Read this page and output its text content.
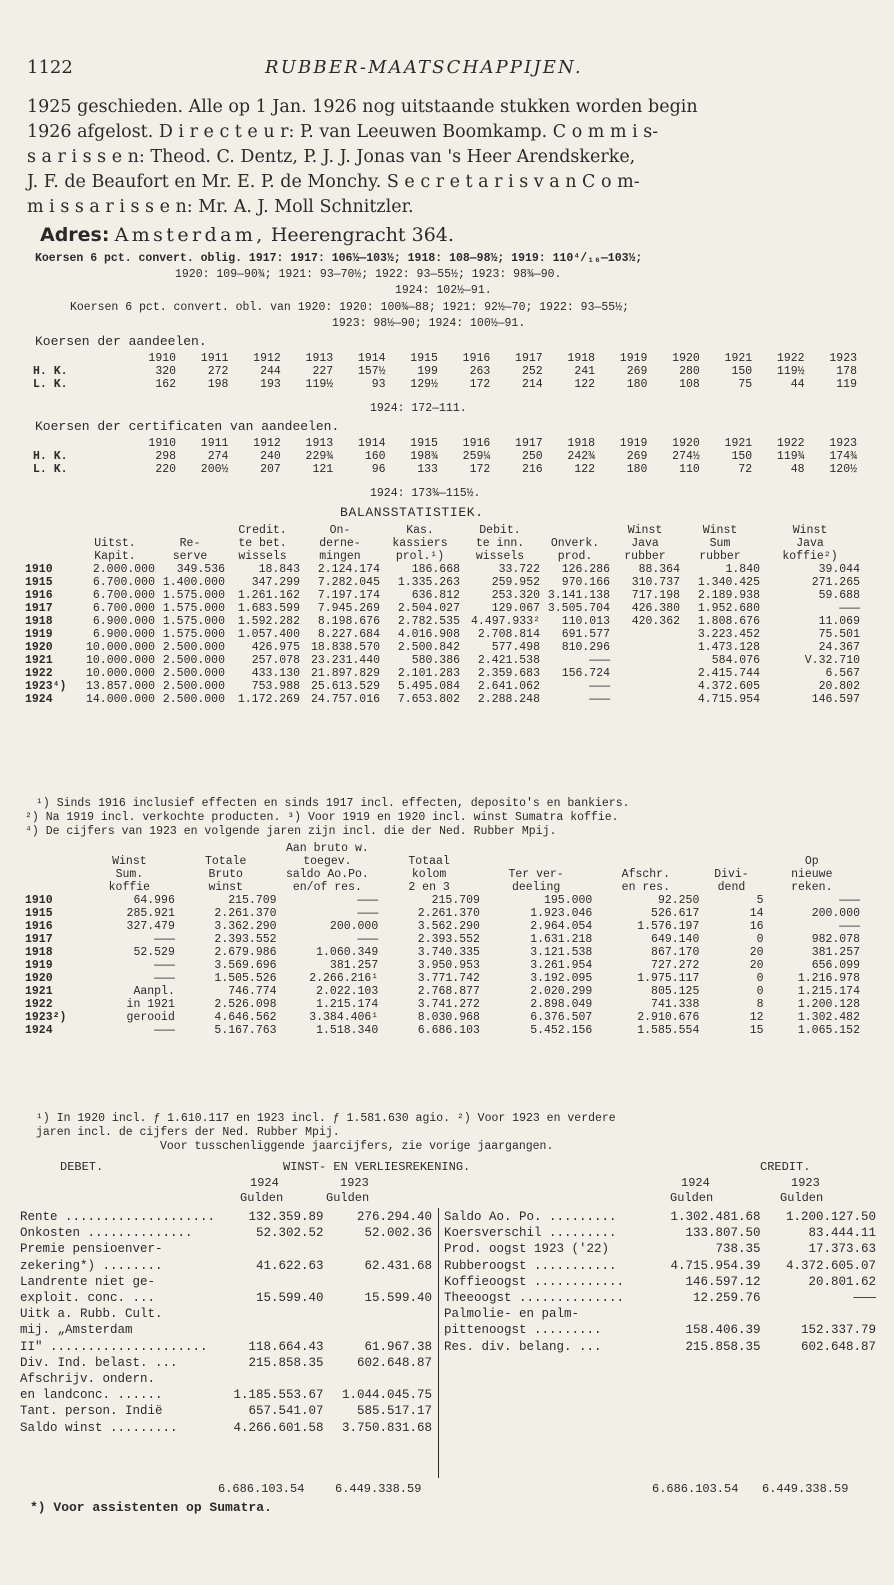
1122	RUBBER-MAATSCHAPPIJEN.
1925 geschieden. Alle op 1 Jan. 1926 nog uitstaande stukken worden begin
1926 afgelost. D i r e c t e u r: P. van Leeuwen Boomkamp. C o m m i s-
s a r i s s e n: Theod. C. Dentz, P. J. J. Jonas van 's Heer Arendskerke,
J. F. de Beaufort en Mr. E. P. de Monchy. S e c r e t a r i s v a n C o m-
m i s s a r i s s e n: Mr. A. J. Moll Schnitzler.
Adres: Amsterdam, Heerengracht 364.
Koersen 6 pct. convert. oblig. 1917: 1917: 106½—103½; 1918: 108—98½; 1919: 110⁴/₁₆—103½;
1920: 109—90¾; 1921: 93—70½; 1922: 93—55½; 1923: 98¾—90.
1924: 102½—91.
Koersen 6 pct. convert. obl. van 1920: 1920: 100¾—88; 1921: 92½—70; 1922: 93—55½;
1923: 98½—90; 1924: 100½—91.
Koersen der aandeelen.
	1910	1911	1912	1913	1914	1915	1916	1917	1918	1919	1920	1921	1922	1923
H. K.	320	272	244	227	157½	199	263	252	241	269	280	150	119½	178
L. K.	162	198	193	119½	93	129½	172	214	122	180	108	75	44	119
1924: 172—111.
Koersen der certificaten van aandeelen.
	1910	1911	1912	1913	1914	1915	1916	1917	1918	1919	1920	1921	1922	1923
H. K.	298	274	240	229¾	160	198¾	259¼	250	242¾	269	274½	150	119¾	174¾
L. K.	220	200½	207	121	96	133	172	216	122	180	110	72	48	120½
1924: 173¾—115½.
BALANSSTATISTIEK.
			Credit.	On-	Kas.	Debit.		Winst	Winst	Winst
	Uitst.	Re-	te bet.	derne-	kassiers	te inn.	Onverk.	Java	Sum	Java
	Kapit.	serve	wissels	mingen	prol.¹)	wissels	prod.	rubber	rubber	koffie²)
1910	2.000.000	349.536	18.843	2.124.174	186.668	33.722	126.286	88.364	1.840	39.044
1915	6.700.000	1.400.000	347.299	7.282.045	1.335.263	259.952	970.166	310.737	1.340.425	271.265
1916	6.700.000	1.575.000	1.261.162	7.197.174	636.812	253.320	3.141.138	717.198	2.189.938	59.688
1917	6.700.000	1.575.000	1.683.599	7.945.269	2.504.027	129.067	3.505.704	426.380	1.952.680	———
1918	6.900.000	1.575.000	1.592.282	8.198.676	2.782.535	4.497.933²	110.013	420.362	1.808.676	11.069
1919	6.900.000	1.575.000	1.057.400	8.227.684	4.016.908	2.708.814	691.577		3.223.452	75.501
1920	10.000.000	2.500.000	426.975	18.838.570	2.500.842	577.498	810.296		1.473.128	24.367
1921	10.000.000	2.500.000	257.078	23.231.440	580.386	2.421.538	———		584.076	V.32.710
1922	10.000.000	2.500.000	433.130	21.897.829	2.101.283	2.359.683	156.724		2.415.744	6.567
1923⁴)	13.857.000	2.500.000	753.988	25.613.529	5.495.084	2.641.062	———		4.372.605	20.802
1924	14.000.000	2.500.000	1.172.269	24.757.016	7.653.802	2.288.248	———		4.715.954	146.597
¹) Sinds 1916 inclusief effecten en sinds 1917 incl. effecten, deposito's en bankiers.
²) Na 1919 incl. verkochte producten. ³) Voor 1919 en 1920 incl. winst Sumatra koffie.
⁴) De cijfers van 1923 en volgende jaren zijn incl. die der Ned. Rubber Mpij.
			Aan bruto w.					
	Winst	Totale	toegev.	Totaal				Op
	Sum.	Bruto	saldo Ao.Po.	kolom	Ter ver-	Afschr.	Divi-	nieuwe
	koffie	winst	en/of res.	2 en 3	deeling	en res.	dend	reken.
1910	64.996	215.709	———	215.709	195.000	92.250	5	———
1915	285.921	2.261.370	———	2.261.370	1.923.046	526.617	14	200.000
1916	327.479	3.362.290	200.000	3.562.290	2.964.054	1.576.197	16	———
1917	———	2.393.552	———	2.393.552	1.631.218	649.140	0	982.078
1918	52.529	2.679.986	1.060.349	3.740.335	3.121.538	867.170	20	381.257
1919	———	3.569.696	381.257	3.950.953	3.261.954	727.272	20	656.099
1920	———	1.505.526	2.266.216¹	3.771.742	3.192.095	1.975.117	0	1.216.978
1921	Aanpl.	746.774	2.022.103	2.768.877	2.020.299	805.125	0	1.215.174
1922	in 1921	2.526.098	1.215.174	3.741.272	2.898.049	741.338	8	1.200.128
1923²)	gerooid	4.646.562	3.384.406¹	8.030.968	6.376.507	2.910.676	12	1.302.482
1924	———	5.167.763	1.518.340	6.686.103	5.452.156	1.585.554	15	1.065.152
¹) In 1920 incl. ƒ 1.610.117 en 1923 incl. ƒ 1.581.630 agio. ²) Voor 1923 en verdere
jaren incl. de cijfers der Ned. Rubber Mpij.
Voor tusschenliggende jaarcijfers, zie vorige jaargangen.
DEBET.	WINST- EN VERLIESREKENING.	CREDIT.
1924	1923
Gulden	Gulden
1924	1923
Gulden	Gulden
Rente ....................	132.359.89	276.294.40
Onkosten ..............	52.302.52	52.002.36
Premie pensioenver-		
zekering*) ........	41.622.63	62.431.68
Landrente niet ge-		
exploit. conc. ...	15.599.40	15.599.40
Uitk a. Rubb. Cult.		
mij. „Amsterdam		
II" .....................	118.664.43	61.967.38
Div. Ind. belast. ...	215.858.35	602.648.87
Afschrijv. ondern.		
en landconc. ......	1.185.553.67	1.044.045.75
Tant. person. Indië	657.541.07	585.517.17
Saldo winst .........	4.266.601.58	3.750.831.68
Saldo Ao. Po. .........	1.302.481.68	1.200.127.50
Koersverschil .........	133.807.50	83.444.11
Prod. oogst 1923 ('22)	738.35	17.373.63
Rubberoogst ...........	4.715.954.39	4.372.605.07
Koffieoogst ............	146.597.12	20.801.62
Theeoogst ..............	12.259.76	———
Palmolie- en palm-		
pittenoogst .........	158.406.39	152.337.79
Res. div. belang. ...	215.858.35	602.648.87
6.686.103.54	6.449.338.59	6.686.103.54 6.449.338.59
*) Voor assistenten op Sumatra.
